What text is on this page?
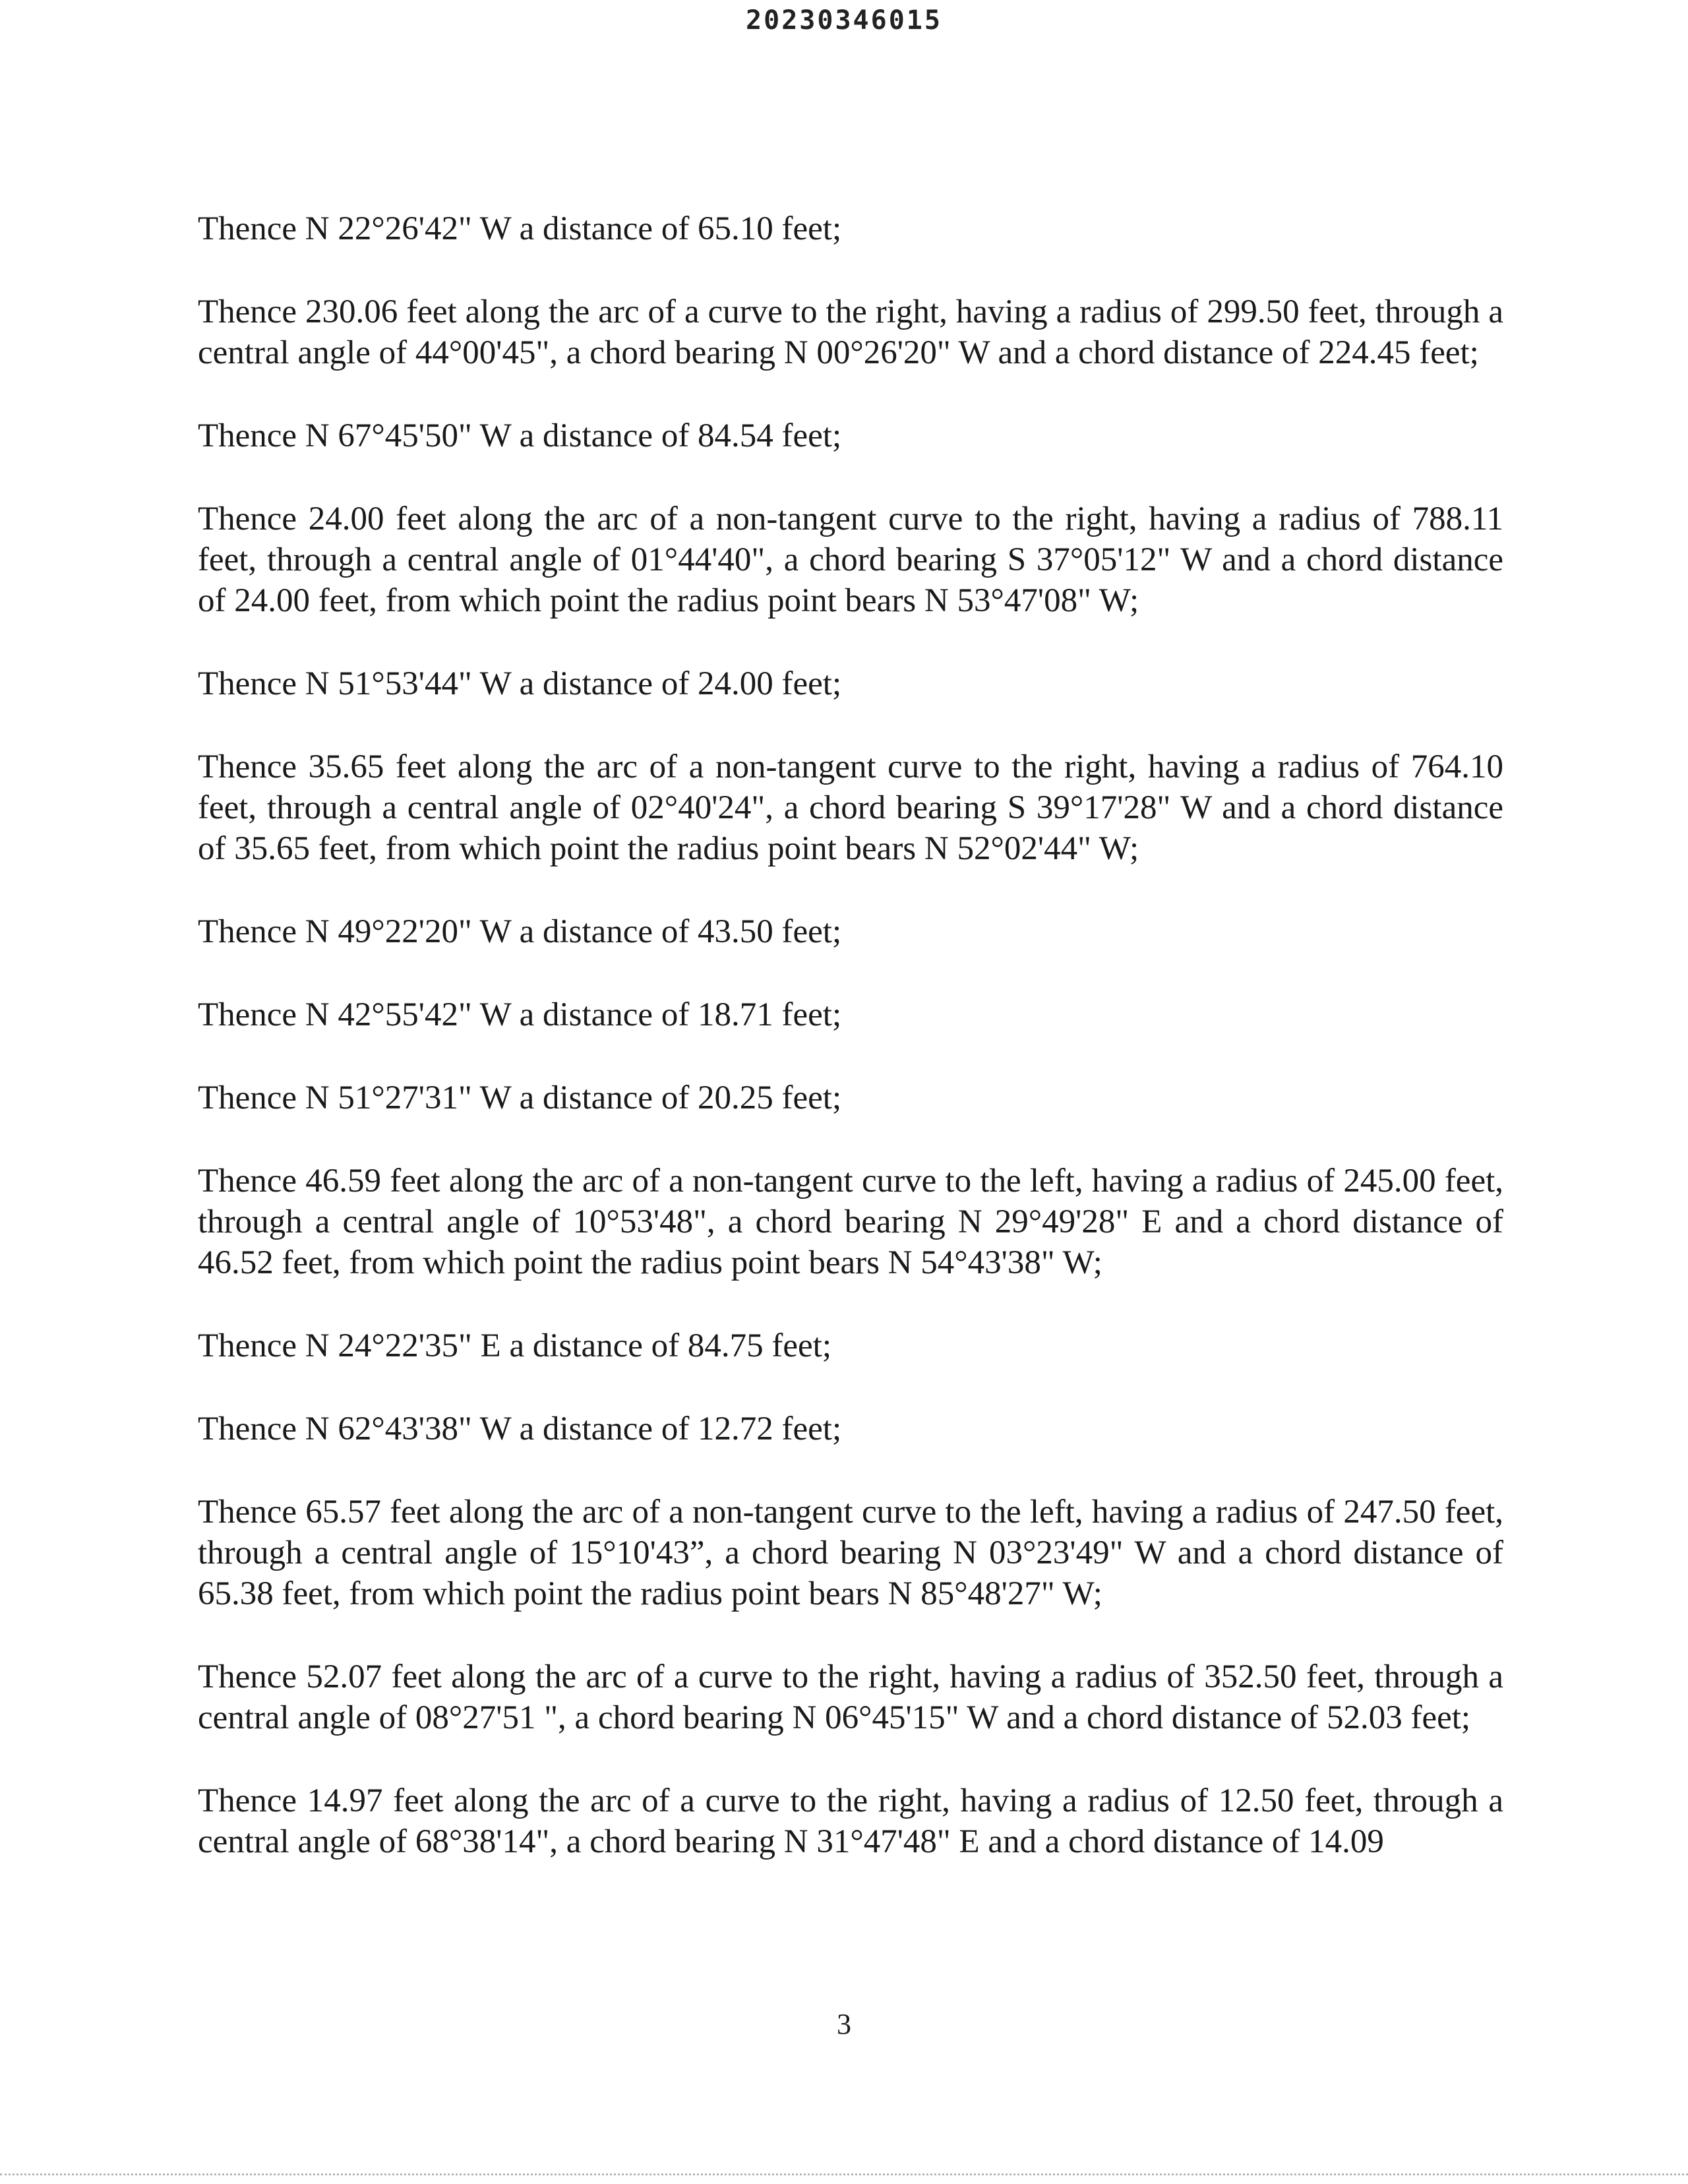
20230346015

Thence N 22°26'42" W a distance of 65.10 feet;

Thence 230.06 feet along the arc of a curve to the right, having a radius of 299.50 feet, through a central angle of 44°00'45", a chord bearing N 00°26'20" W and a chord distance of 224.45 feet;

Thence N 67°45'50" W a distance of 84.54 feet;

Thence 24.00 feet along the arc of a non-tangent curve to the right, having a radius of 788.11 feet, through a central angle of 01°44'40", a chord bearing S 37°05'12" W and a chord distance of 24.00 feet, from which point the radius point bears N 53°47'08" W;

Thence N 51°53'44" W a distance of 24.00 feet;

Thence 35.65 feet along the arc of a non-tangent curve to the right, having a radius of 764.10 feet, through a central angle of 02°40'24", a chord bearing S 39°17'28" W and a chord distance of 35.65 feet, from which point the radius point bears N 52°02'44" W;

Thence N 49°22'20" W a distance of 43.50 feet;

Thence N 42°55'42" W a distance of 18.71 feet;

Thence N 51°27'31" W a distance of 20.25 feet;

Thence 46.59 feet along the arc of a non-tangent curve to the left, having a radius of 245.00 feet, through a central angle of 10°53'48", a chord bearing N 29°49'28" E and a chord distance of 46.52 feet, from which point the radius point bears N 54°43'38" W;

Thence N 24°22'35" E a distance of 84.75 feet;

Thence N 62°43'38" W a distance of 12.72 feet;

Thence 65.57 feet along the arc of a non-tangent curve to the left, having a radius of 247.50 feet, through a central angle of 15°10'43”, a chord bearing N 03°23'49" W and a chord distance of 65.38 feet, from which point the radius point bears N 85°48'27" W;

Thence 52.07 feet along the arc of a curve to the right, having a radius of 352.50 feet, through a central angle of 08°27'51 ", a chord bearing N 06°45'15" W and a chord distance of 52.03 feet;

Thence 14.97 feet along the arc of a curve to the right, having a radius of 12.50 feet, through a central angle of 68°38'14", a chord bearing N 31°47'48" E and a chord distance of 14.09

3
